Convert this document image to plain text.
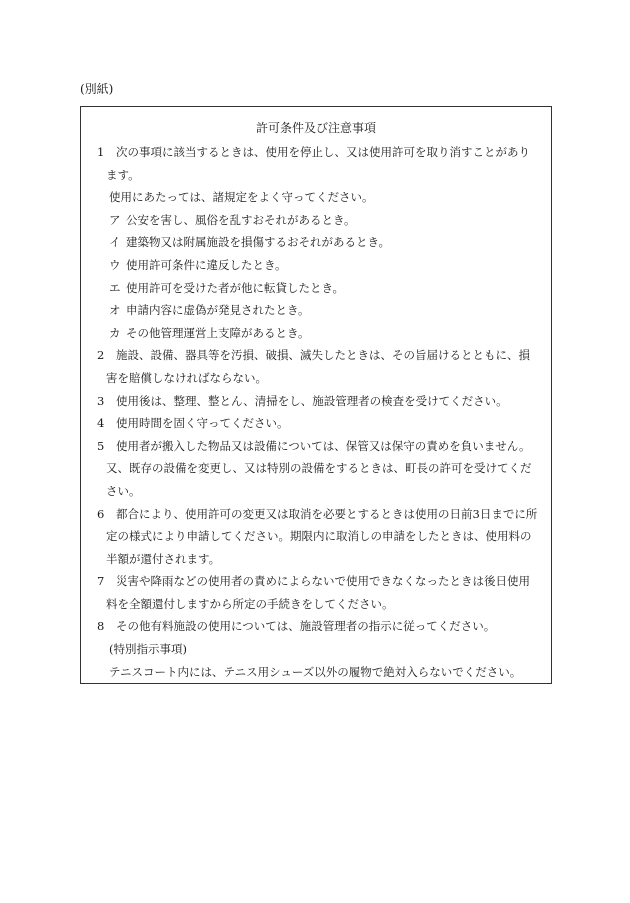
(別紙)
許可条件及び注意事項
1 次の事項に該当するときは、使用を停止し、又は使用許可を取り消すことがあり
ます。
使用にあたっては、諸規定をよく守ってください。
ア 公安を害し、風俗を乱すおそれがあるとき。
イ 建築物又は附属施設を損傷するおそれがあるとき。
ウ 使用許可条件に違反したとき。
エ 使用許可を受けた者が他に転貸したとき。
オ 申請内容に虚偽が発見されたとき。
カ その他管理運営上支障があるとき。
2 施設、設備、器具等を汚損、破損、滅失したときは、その旨届けるとともに、損
害を賠償しなければならない。
3 使用後は、整理、整とん、清掃をし、施設管理者の検査を受けてください。
4 使用時間を固く守ってください。
5 使用者が搬入した物品又は設備については、保管又は保守の責めを負いません。
又、既存の設備を変更し、又は特別の設備をするときは、町長の許可を受けてくだ
さい。
6 都合により、使用許可の変更又は取消を必要とするときは使用の日前3日までに所
定の様式により申請してください。期限内に取消しの申請をしたときは、使用料の
半額が還付されます。
7 災害や降雨などの使用者の責めによらないで使用できなくなったときは後日使用
料を全額還付しますから所定の手続きをしてください。
8 その他有料施設の使用については、施設管理者の指示に従ってください。
(特別指示事項)
テニスコート内には、テニス用シューズ以外の履物で絶対入らないでください。
